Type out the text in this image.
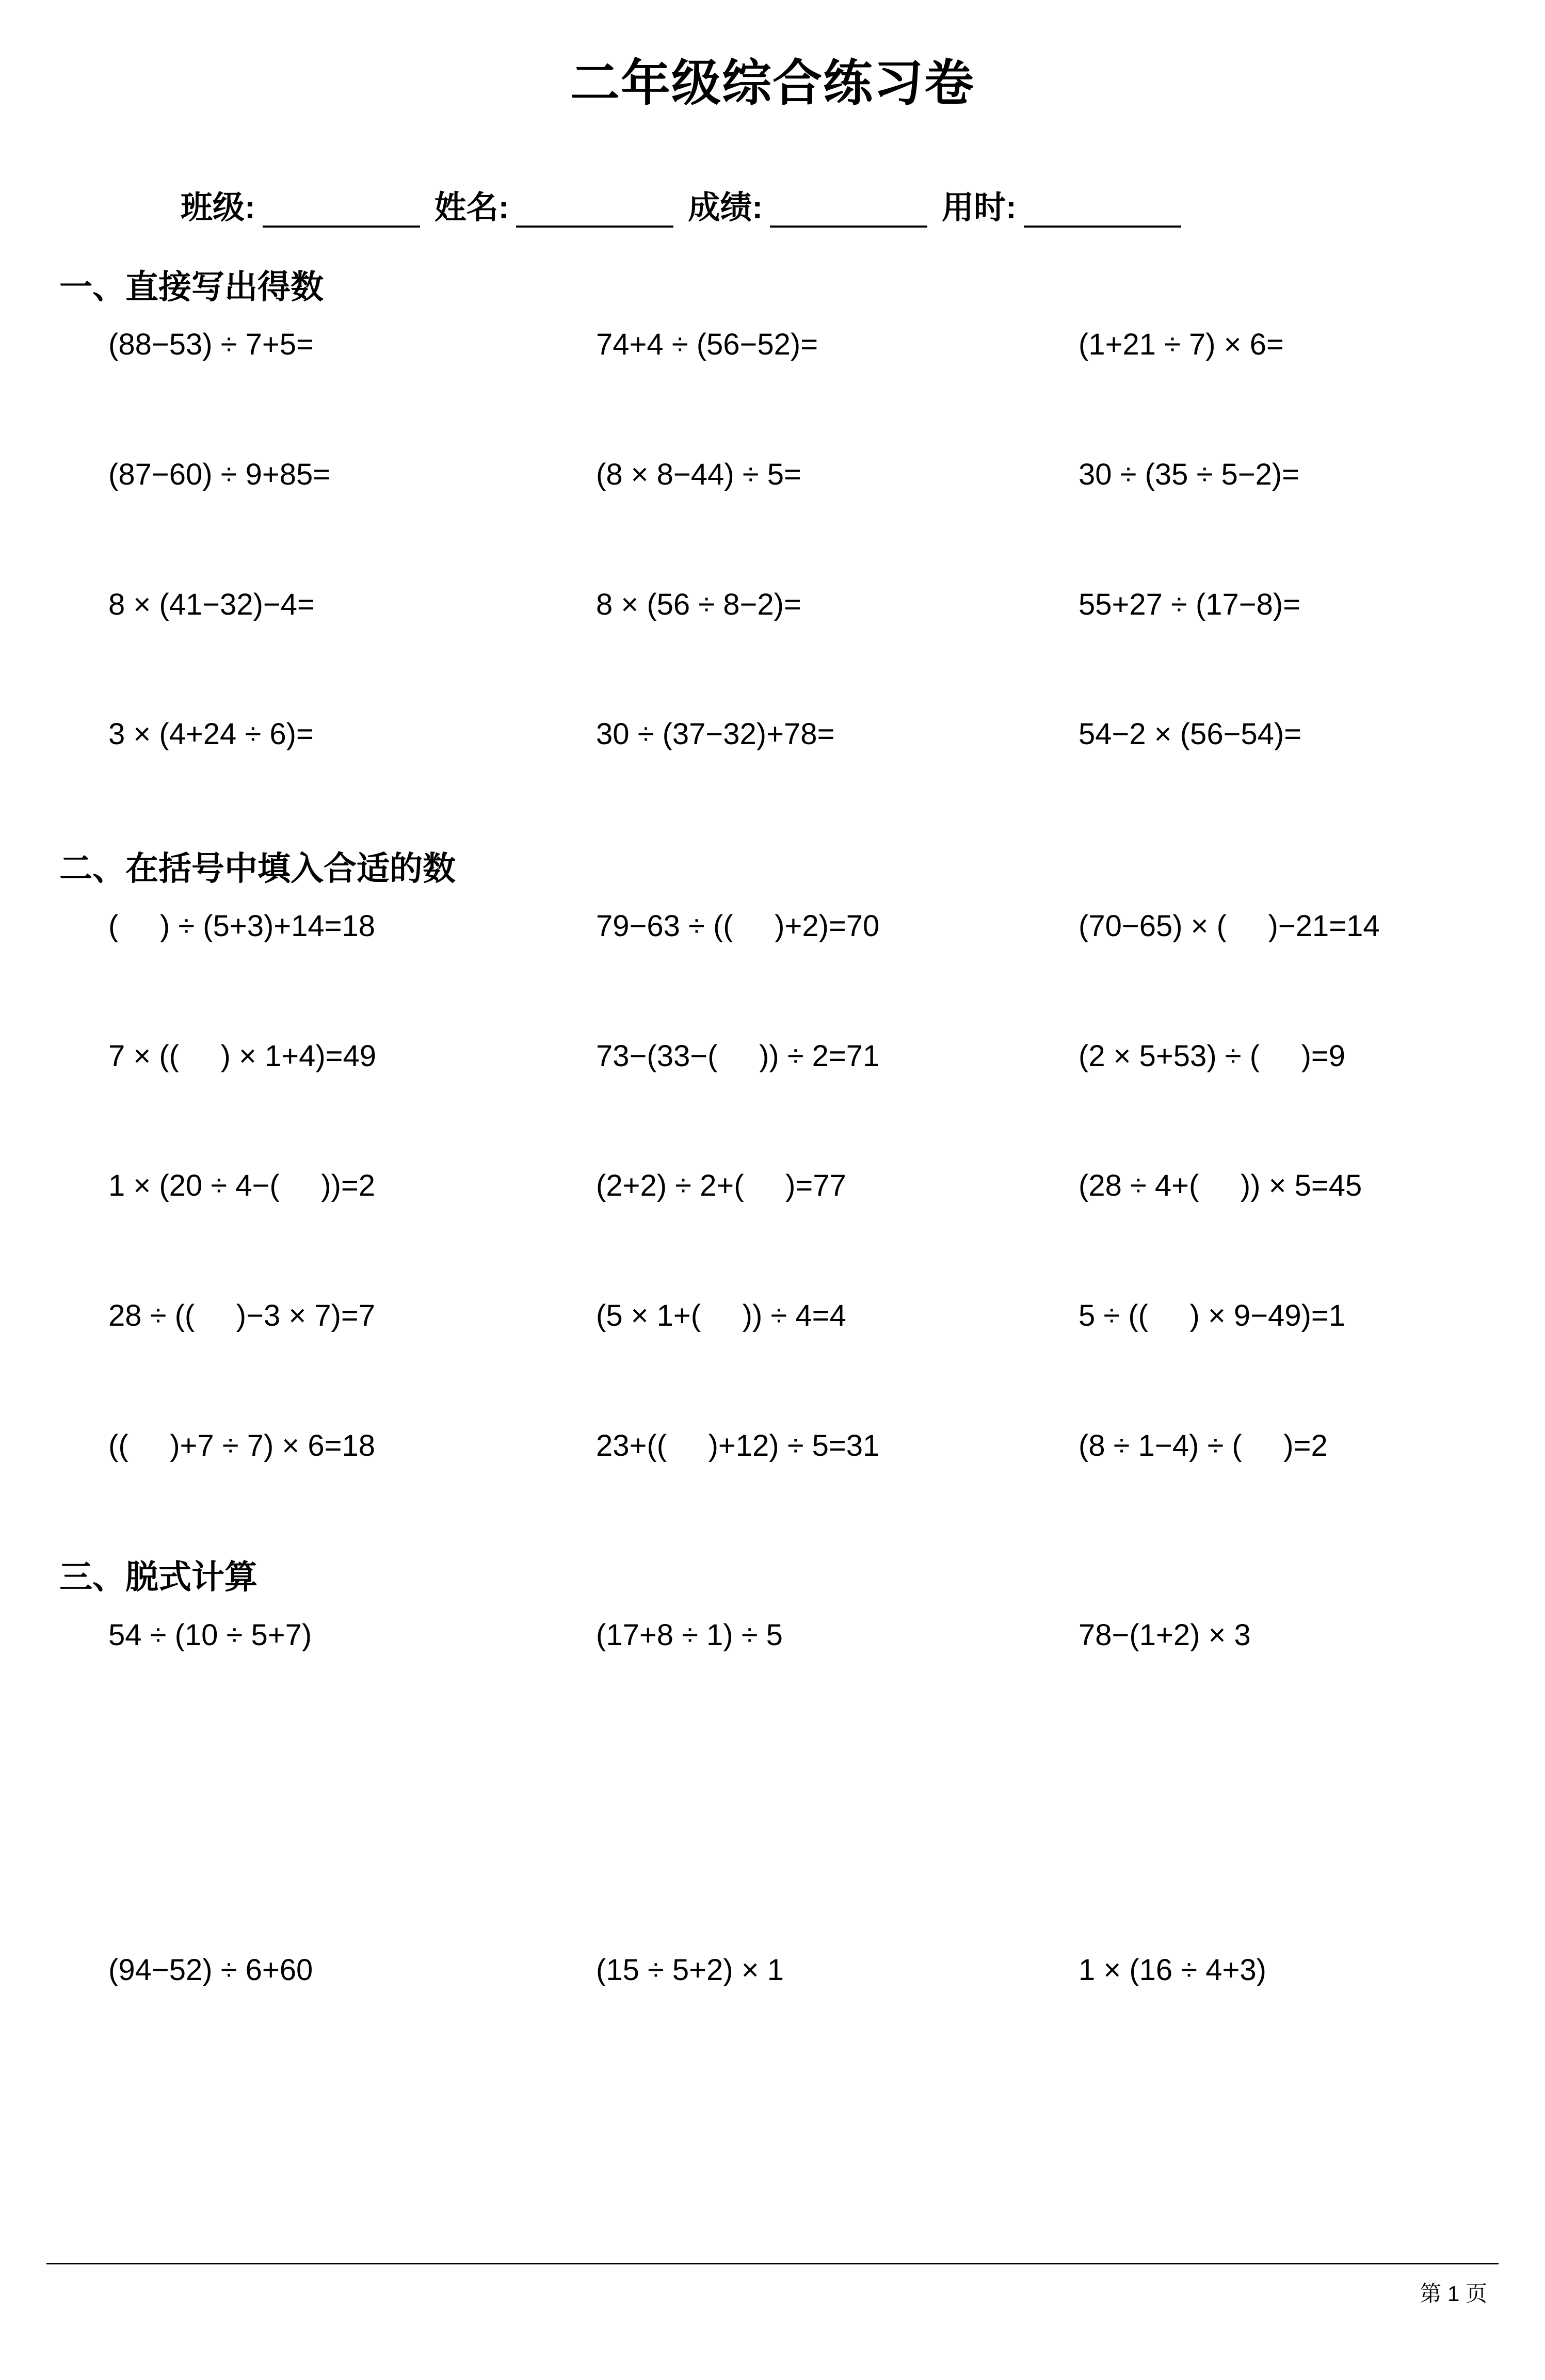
二年级综合练习卷
班级:	姓名:	成绩:	用时:
一、直接写出得数
(88−53) ÷ 7+5=	74+4 ÷ (56−52)=	(1+21 ÷ 7) × 6=
(87−60) ÷ 9+85=	(8 × 8−44) ÷ 5=	30 ÷ (35 ÷ 5−2)=
8 × (41−32)−4=	8 × (56 ÷ 8−2)=	55+27 ÷ (17−8)=
3 × (4+24 ÷ 6)=	30 ÷ (37−32)+78=	54−2 × (56−54)=
二、在括号中填入合适的数
(     ) ÷ (5+3)+14=18	79−63 ÷ ((     )+2)=70	(70−65) × (     )−21=14
7 × ((     ) × 1+4)=49	73−(33−(     )) ÷ 2=71	(2 × 5+53) ÷ (     )=9
1 × (20 ÷ 4−(     ))=2	(2+2) ÷ 2+(     )=77	(28 ÷ 4+(     )) × 5=45
28 ÷ ((     )−3 × 7)=7	(5 × 1+(     )) ÷ 4=4	5 ÷ ((     ) × 9−49)=1
((     )+7 ÷ 7) × 6=18	23+((     )+12) ÷ 5=31	(8 ÷ 1−4) ÷ (     )=2
三、脱式计算
54 ÷ (10 ÷ 5+7)	(17+8 ÷ 1) ÷ 5	78−(1+2) × 3
(94−52) ÷ 6+60	(15 ÷ 5+2) × 1	1 × (16 ÷ 4+3)
第 1 页
